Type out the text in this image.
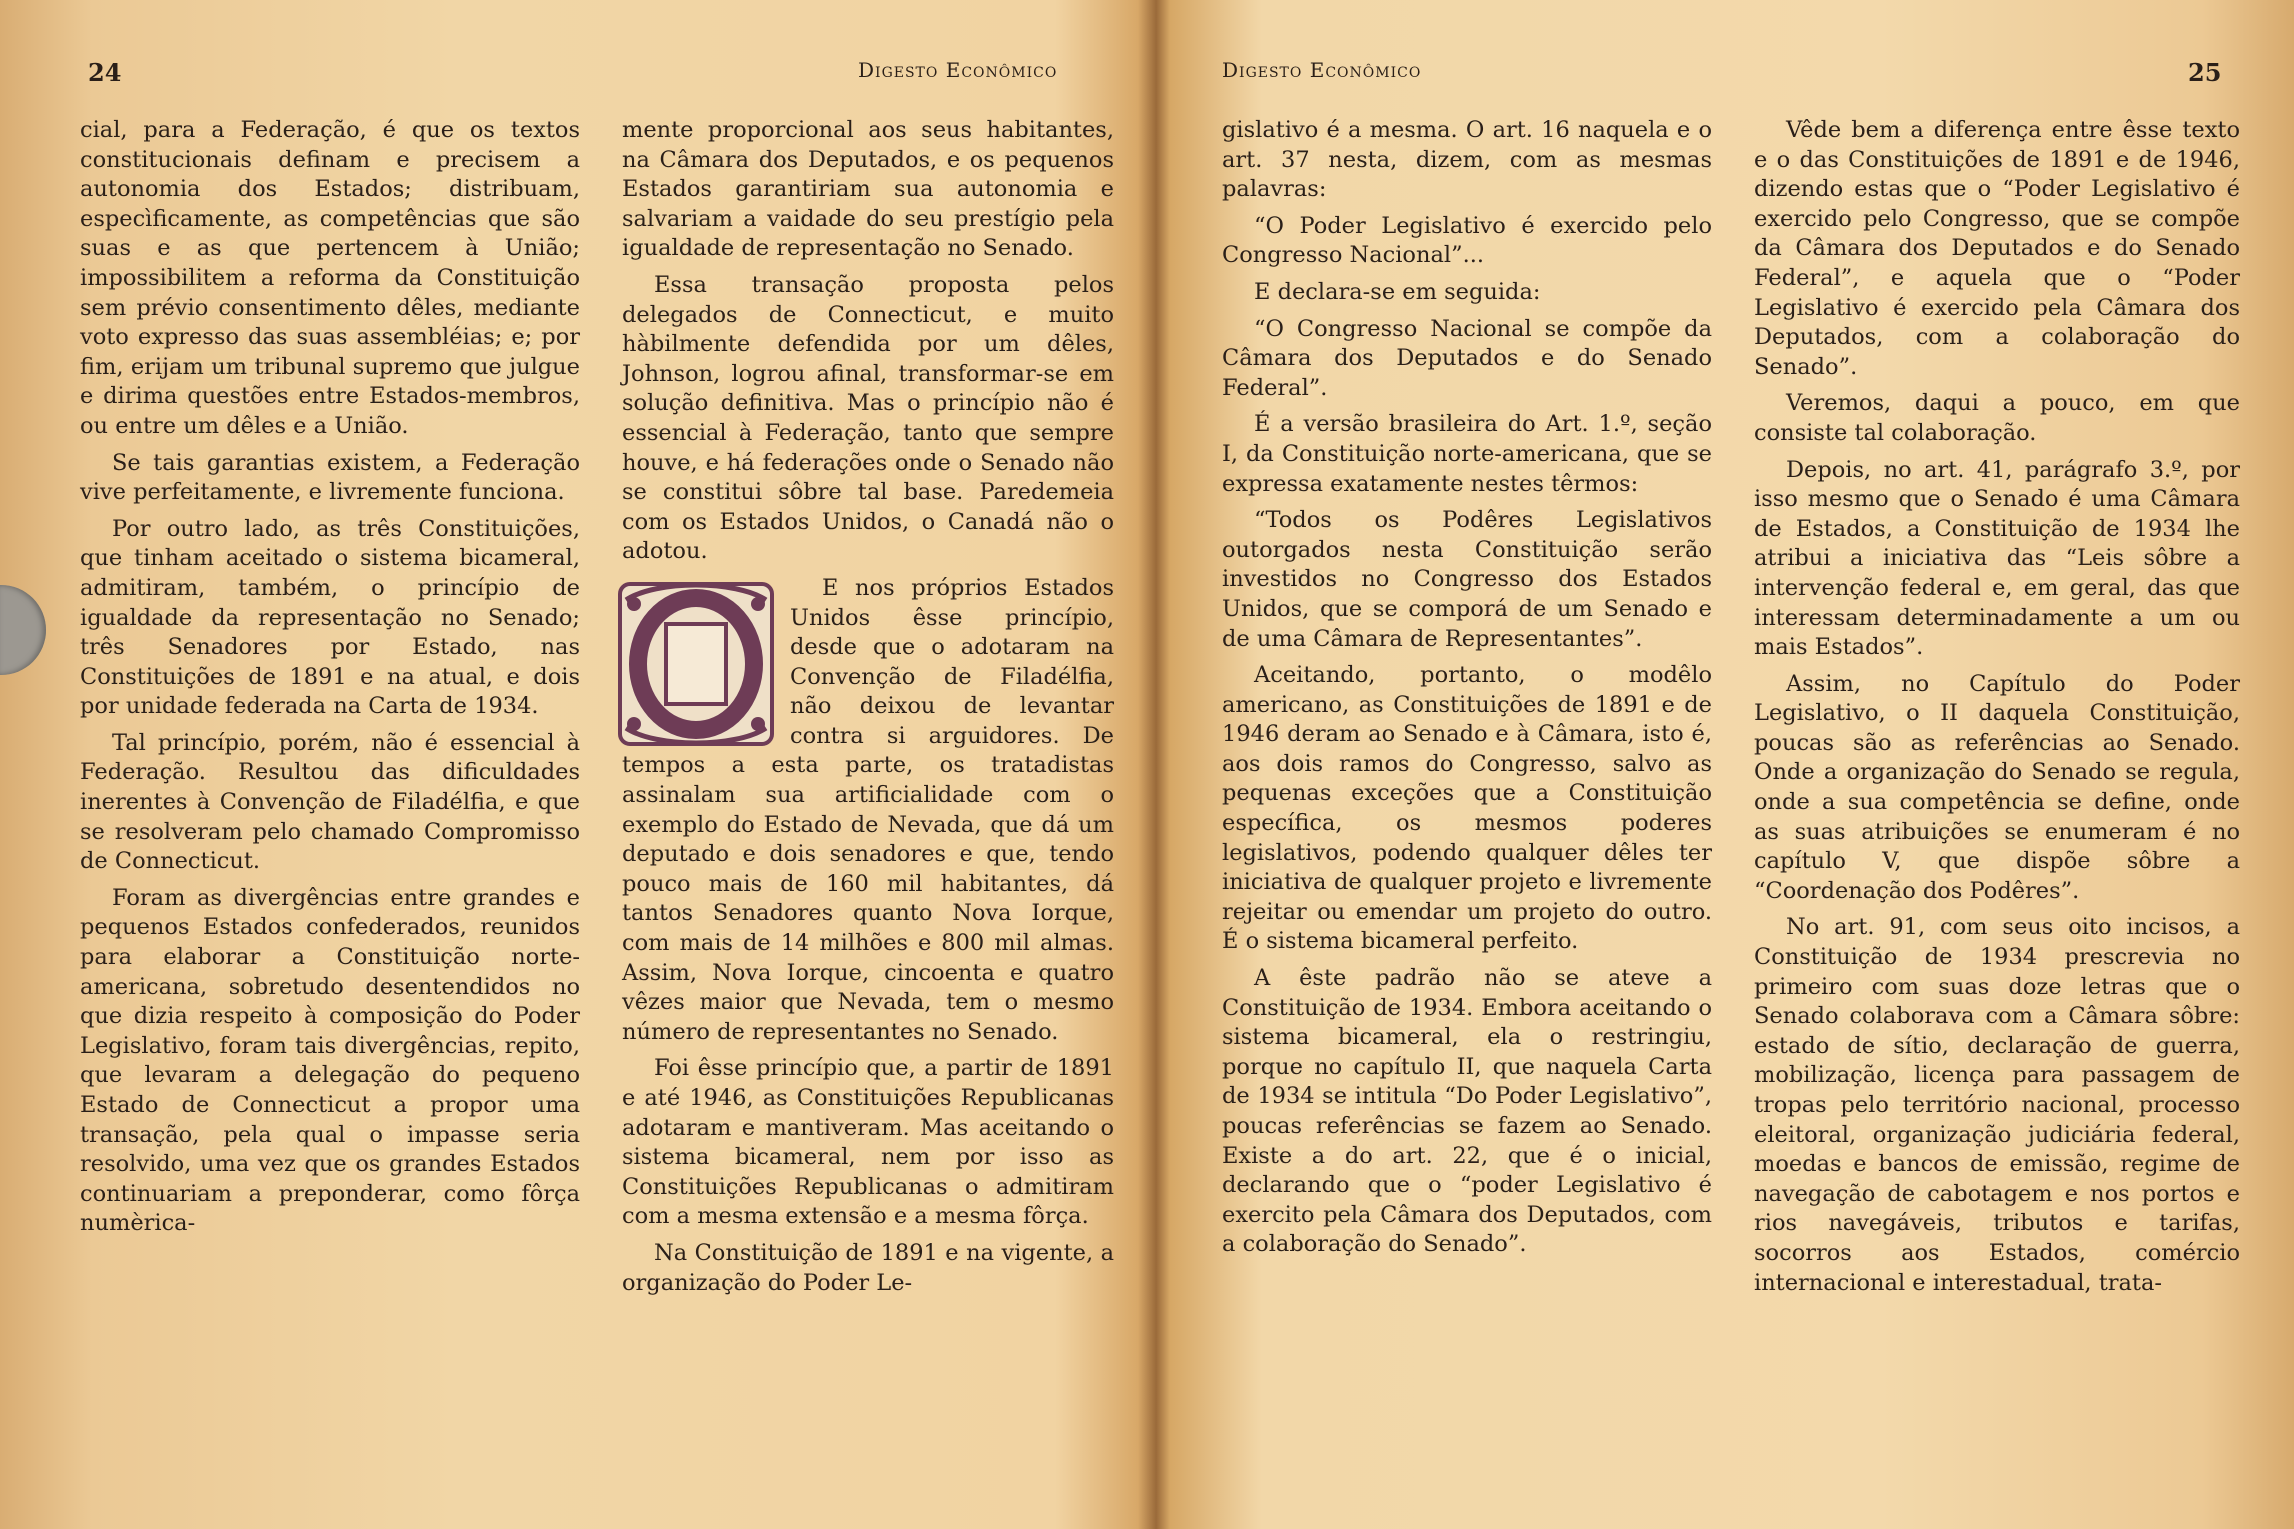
24	Digesto Econômico

cial, para a Federação, é que os textos constitucionais definam e precisem a autonomia dos Estados; distribuam, especìficamente, as competências que são suas e as que pertencem à União; impossibilitem a reforma da Constituição sem prévio consentimento dêles, mediante voto expresso das suas assembléias; e; por fim, erijam um tribunal supremo que julgue e dirima questões entre Estados-membros, ou entre um dêles e a União.

Se tais garantias existem, a Federação vive perfeitamente, e livremente funciona.

Por outro lado, as três Constituições, que tinham aceitado o sistema bicameral, admitiram, também, o princípio de igualdade da representação no Senado; três Senadores por Estado, nas Constituições de 1891 e na atual, e dois por unidade federada na Carta de 1934.

Tal princípio, porém, não é essencial à Federação. Resultou das dificuldades inerentes à Convenção de Filadélfia, e que se resolveram pelo chamado Compromisso de Connecticut.

Foram as divergências entre grandes e pequenos Estados confederados, reunidos para elaborar a Constituição norte-americana, sobretudo desentendidos no que dizia respeito à composição do Poder Legislativo, foram tais divergências, repito, que levaram a delegação do pequeno Estado de Connecticut a propor uma transação, pela qual o impasse seria resolvido, uma vez que os grandes Estados continuariam a preponderar, como fôrça numèrica-

mente proporcional aos seus habitantes, na Câmara dos Deputados, e os pequenos Estados garantiriam sua autonomia e salvariam a vaidade do seu prestígio pela igualdade de representação no Senado.

Essa transação proposta pelos delegados de Connecticut, e muito hàbilmente defendida por um dêles, Johnson, logrou afinal, transformar-se em solução definitiva. Mas o princípio não é essencial à Federação, tanto que sempre houve, e há federações onde o Senado não se constitui sôbre tal base. Paredemeia com os Estados Unidos, o Canadá não o adotou.

E nos próprios Estados Unidos êsse princípio, desde que o adotaram na Convenção de Filadélfia, não deixou de levantar contra si arguidores. De tempos a esta parte, os tratadistas assinalam sua artificialidade com o exemplo do Estado de Nevada, que dá um deputado e dois senadores e que, tendo pouco mais de 160 mil habitantes, dá tantos Senadores quanto Nova Iorque, com mais de 14 milhões e 800 mil almas. Assim, Nova Iorque, cincoenta e quatro vêzes maior que Nevada, tem o mesmo número de representantes no Senado.

Foi êsse princípio que, a partir de 1891 e até 1946, as Constituições Republicanas adotaram e mantiveram. Mas aceitando o sistema bicameral, nem por isso as Constituições Republicanas o admitiram com a mesma extensão e a mesma fôrça.

Na Constituição de 1891 e na vigente, a organização do Poder Le-

Digesto Econômico	25

gislativo é a mesma. O art. 16 naquela e o art. 37 nesta, dizem, com as mesmas palavras:

“O Poder Legislativo é exercido pelo Congresso Nacional”...

E declara-se em seguida:

“O Congresso Nacional se compõe da Câmara dos Deputados e do Senado Federal”.

É a versão brasileira do Art. 1.º, seção I, da Constituição norte-americana, que se expressa exatamente nestes têrmos:

“Todos os Podêres Legislativos outorgados nesta Constituição serão investidos no Congresso dos Estados Unidos, que se comporá de um Senado e de uma Câmara de Representantes”.

Aceitando, portanto, o modêlo americano, as Constituições de 1891 e de 1946 deram ao Senado e à Câmara, isto é, aos dois ramos do Congresso, salvo as pequenas exceções que a Constituição específica, os mesmos poderes legislativos, podendo qualquer dêles ter iniciativa de qualquer projeto e livremente rejeitar ou emendar um projeto do outro. É o sistema bicameral perfeito.

A êste padrão não se ateve a Constituição de 1934. Embora aceitando o sistema bicameral, ela o restringiu, porque no capítulo II, que naquela Carta de 1934 se intitula “Do Poder Legislativo”, poucas referências se fazem ao Senado. Existe a do art. 22, que é o inicial, declarando que o “poder Legislativo é exercito pela Câmara dos Deputados, com a colaboração do Senado”.

Vêde bem a diferença entre êsse texto e o das Constituições de 1891 e de 1946, dizendo estas que o “Poder Legislativo é exercido pelo Congresso, que se compõe da Câmara dos Deputados e do Senado Federal”, e aquela que o “Poder Legislativo é exercido pela Câmara dos Deputados, com a colaboração do Senado”.

Veremos, daqui a pouco, em que consiste tal colaboração.

Depois, no art. 41, parágrafo 3.º, por isso mesmo que o Senado é uma Câmara de Estados, a Constituição de 1934 lhe atribui a iniciativa das “Leis sôbre a intervenção federal e, em geral, das que interessam determinadamente a um ou mais Estados”.

Assim, no Capítulo do Poder Legislativo, o II daquela Constituição, poucas são as referências ao Senado. Onde a organização do Senado se regula, onde a sua competência se define, onde as suas atribuições se enumeram é no capítulo V, que dispõe sôbre a “Coordenação dos Podêres”.

No art. 91, com seus oito incisos, a Constituição de 1934 prescrevia no primeiro com suas doze letras que o Senado colaborava com a Câmara sôbre: estado de sítio, declaração de guerra, mobilização, licença para passagem de tropas pelo território nacional, processo eleitoral, organização judiciária federal, moedas e bancos de emissão, regime de navegação de cabotagem e nos portos e rios navegáveis, tributos e tarifas, socorros aos Estados, comércio internacional e interestadual, trata-
